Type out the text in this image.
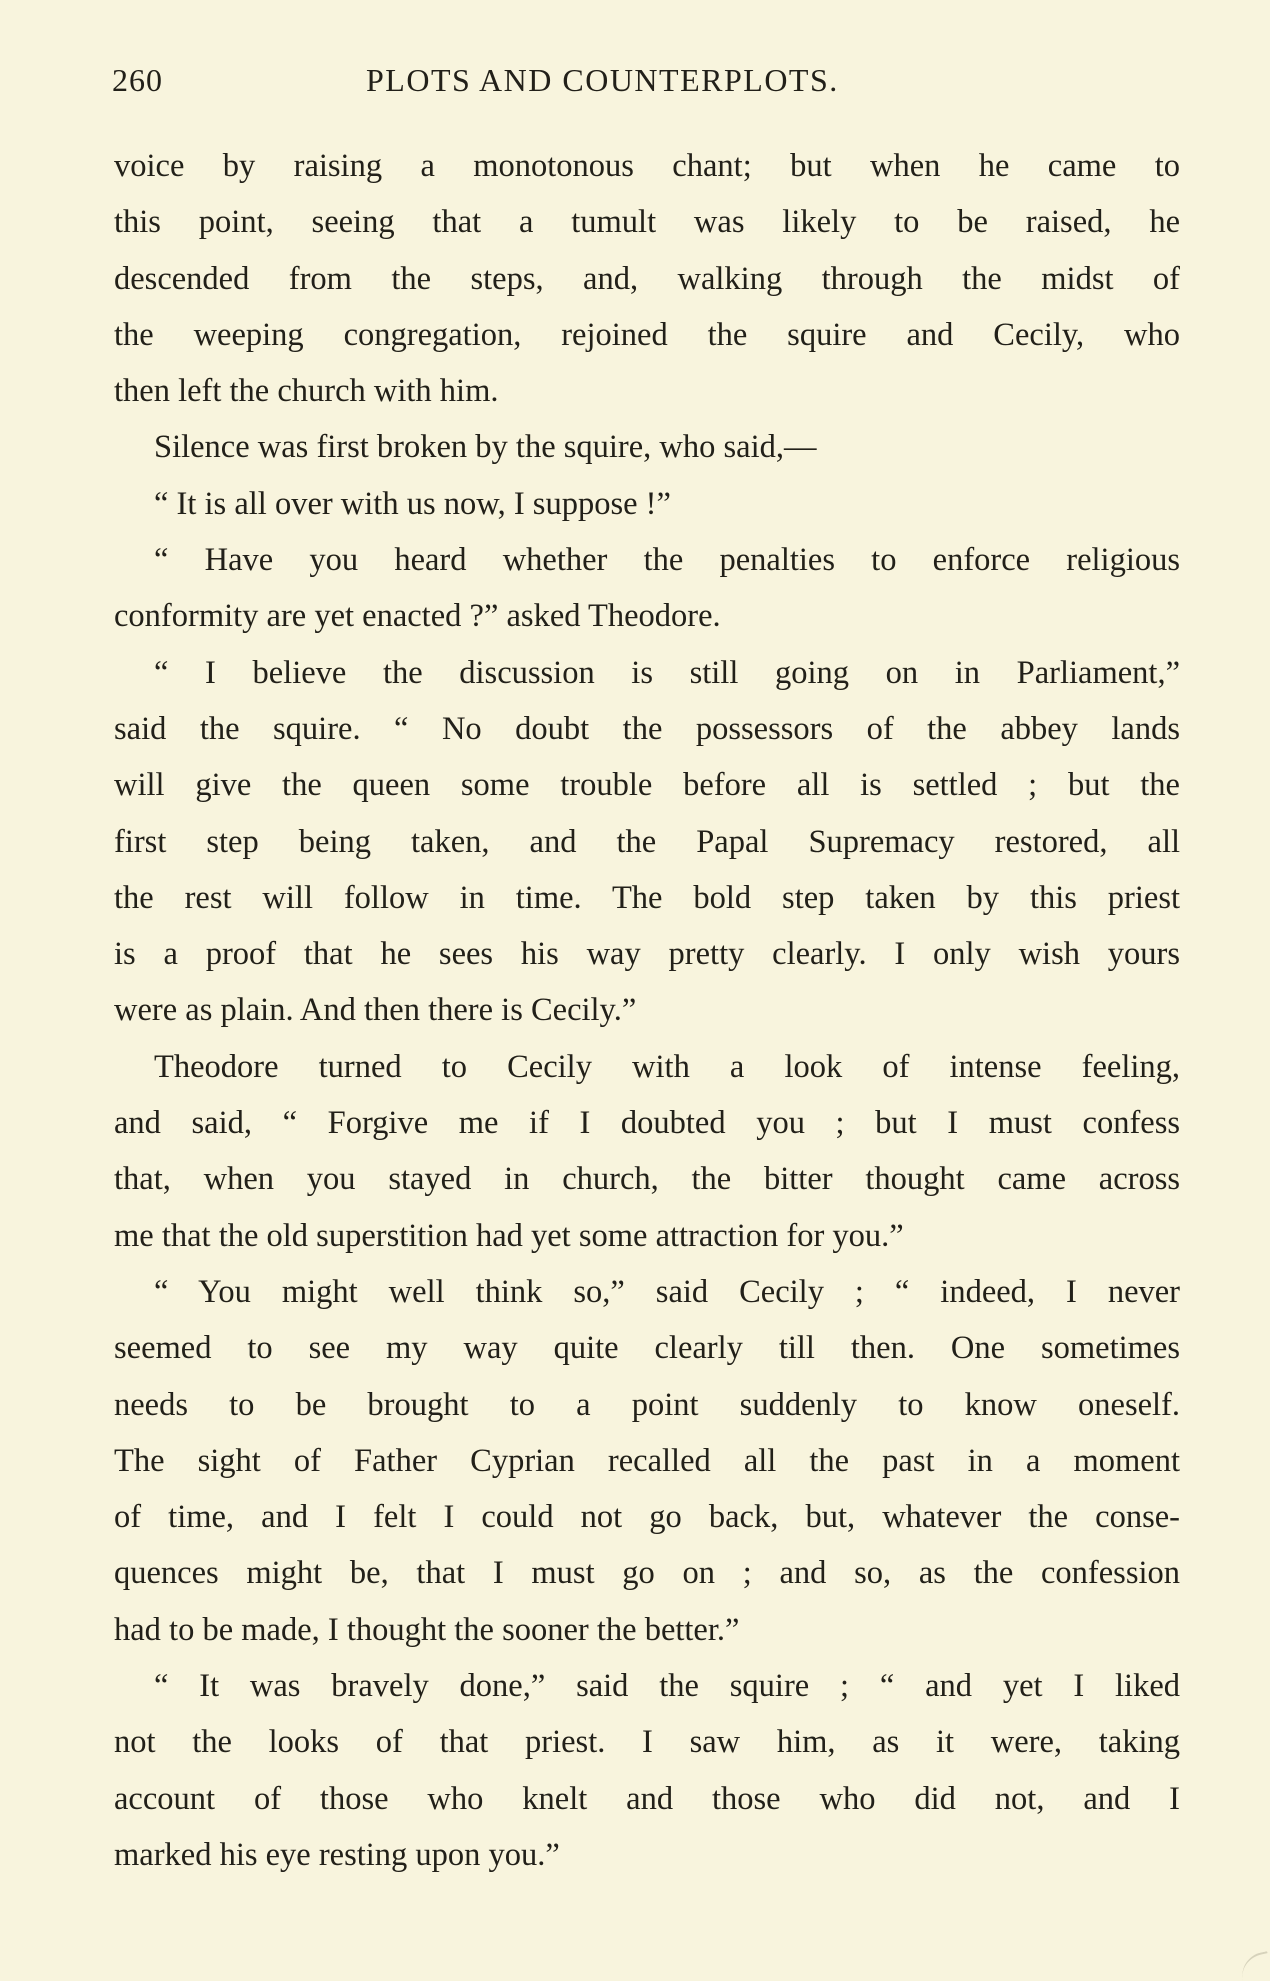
260	PLOTS AND COUNTERPLOTS.
voice by raising a monotonous chant; but when he came to
this point, seeing that a tumult was likely to be raised, he
descended from the steps, and, walking through the midst of
the weeping congregation, rejoined the squire and Cecily, who
then left the church with him.
Silence was first broken by the squire, who said,—
“ It is all over with us now, I suppose !”
“ Have you heard whether the penalties to enforce religious
conformity are yet enacted ?” asked Theodore.
“ I believe the discussion is still going on in Parliament,”
said the squire. “ No doubt the possessors of the abbey lands
will give the queen some trouble before all is settled ; but the
first step being taken, and the Papal Supremacy restored, all
the rest will follow in time. The bold step taken by this priest
is a proof that he sees his way pretty clearly. I only wish yours
were as plain. And then there is Cecily.”
Theodore turned to Cecily with a look of intense feeling,
and said, “ Forgive me if I doubted you ; but I must confess
that, when you stayed in church, the bitter thought came across
me that the old superstition had yet some attraction for you.”
“ You might well think so,” said Cecily ; “ indeed, I never
seemed to see my way quite clearly till then. One sometimes
needs to be brought to a point suddenly to know oneself.
The sight of Father Cyprian recalled all the past in a moment
of time, and I felt I could not go back, but, whatever the conse-
quences might be, that I must go on ; and so, as the confession
had to be made, I thought the sooner the better.”
“ It was bravely done,” said the squire ; “ and yet I liked
not the looks of that priest. I saw him, as it were, taking
account of those who knelt and those who did not, and I
marked his eye resting upon you.”
